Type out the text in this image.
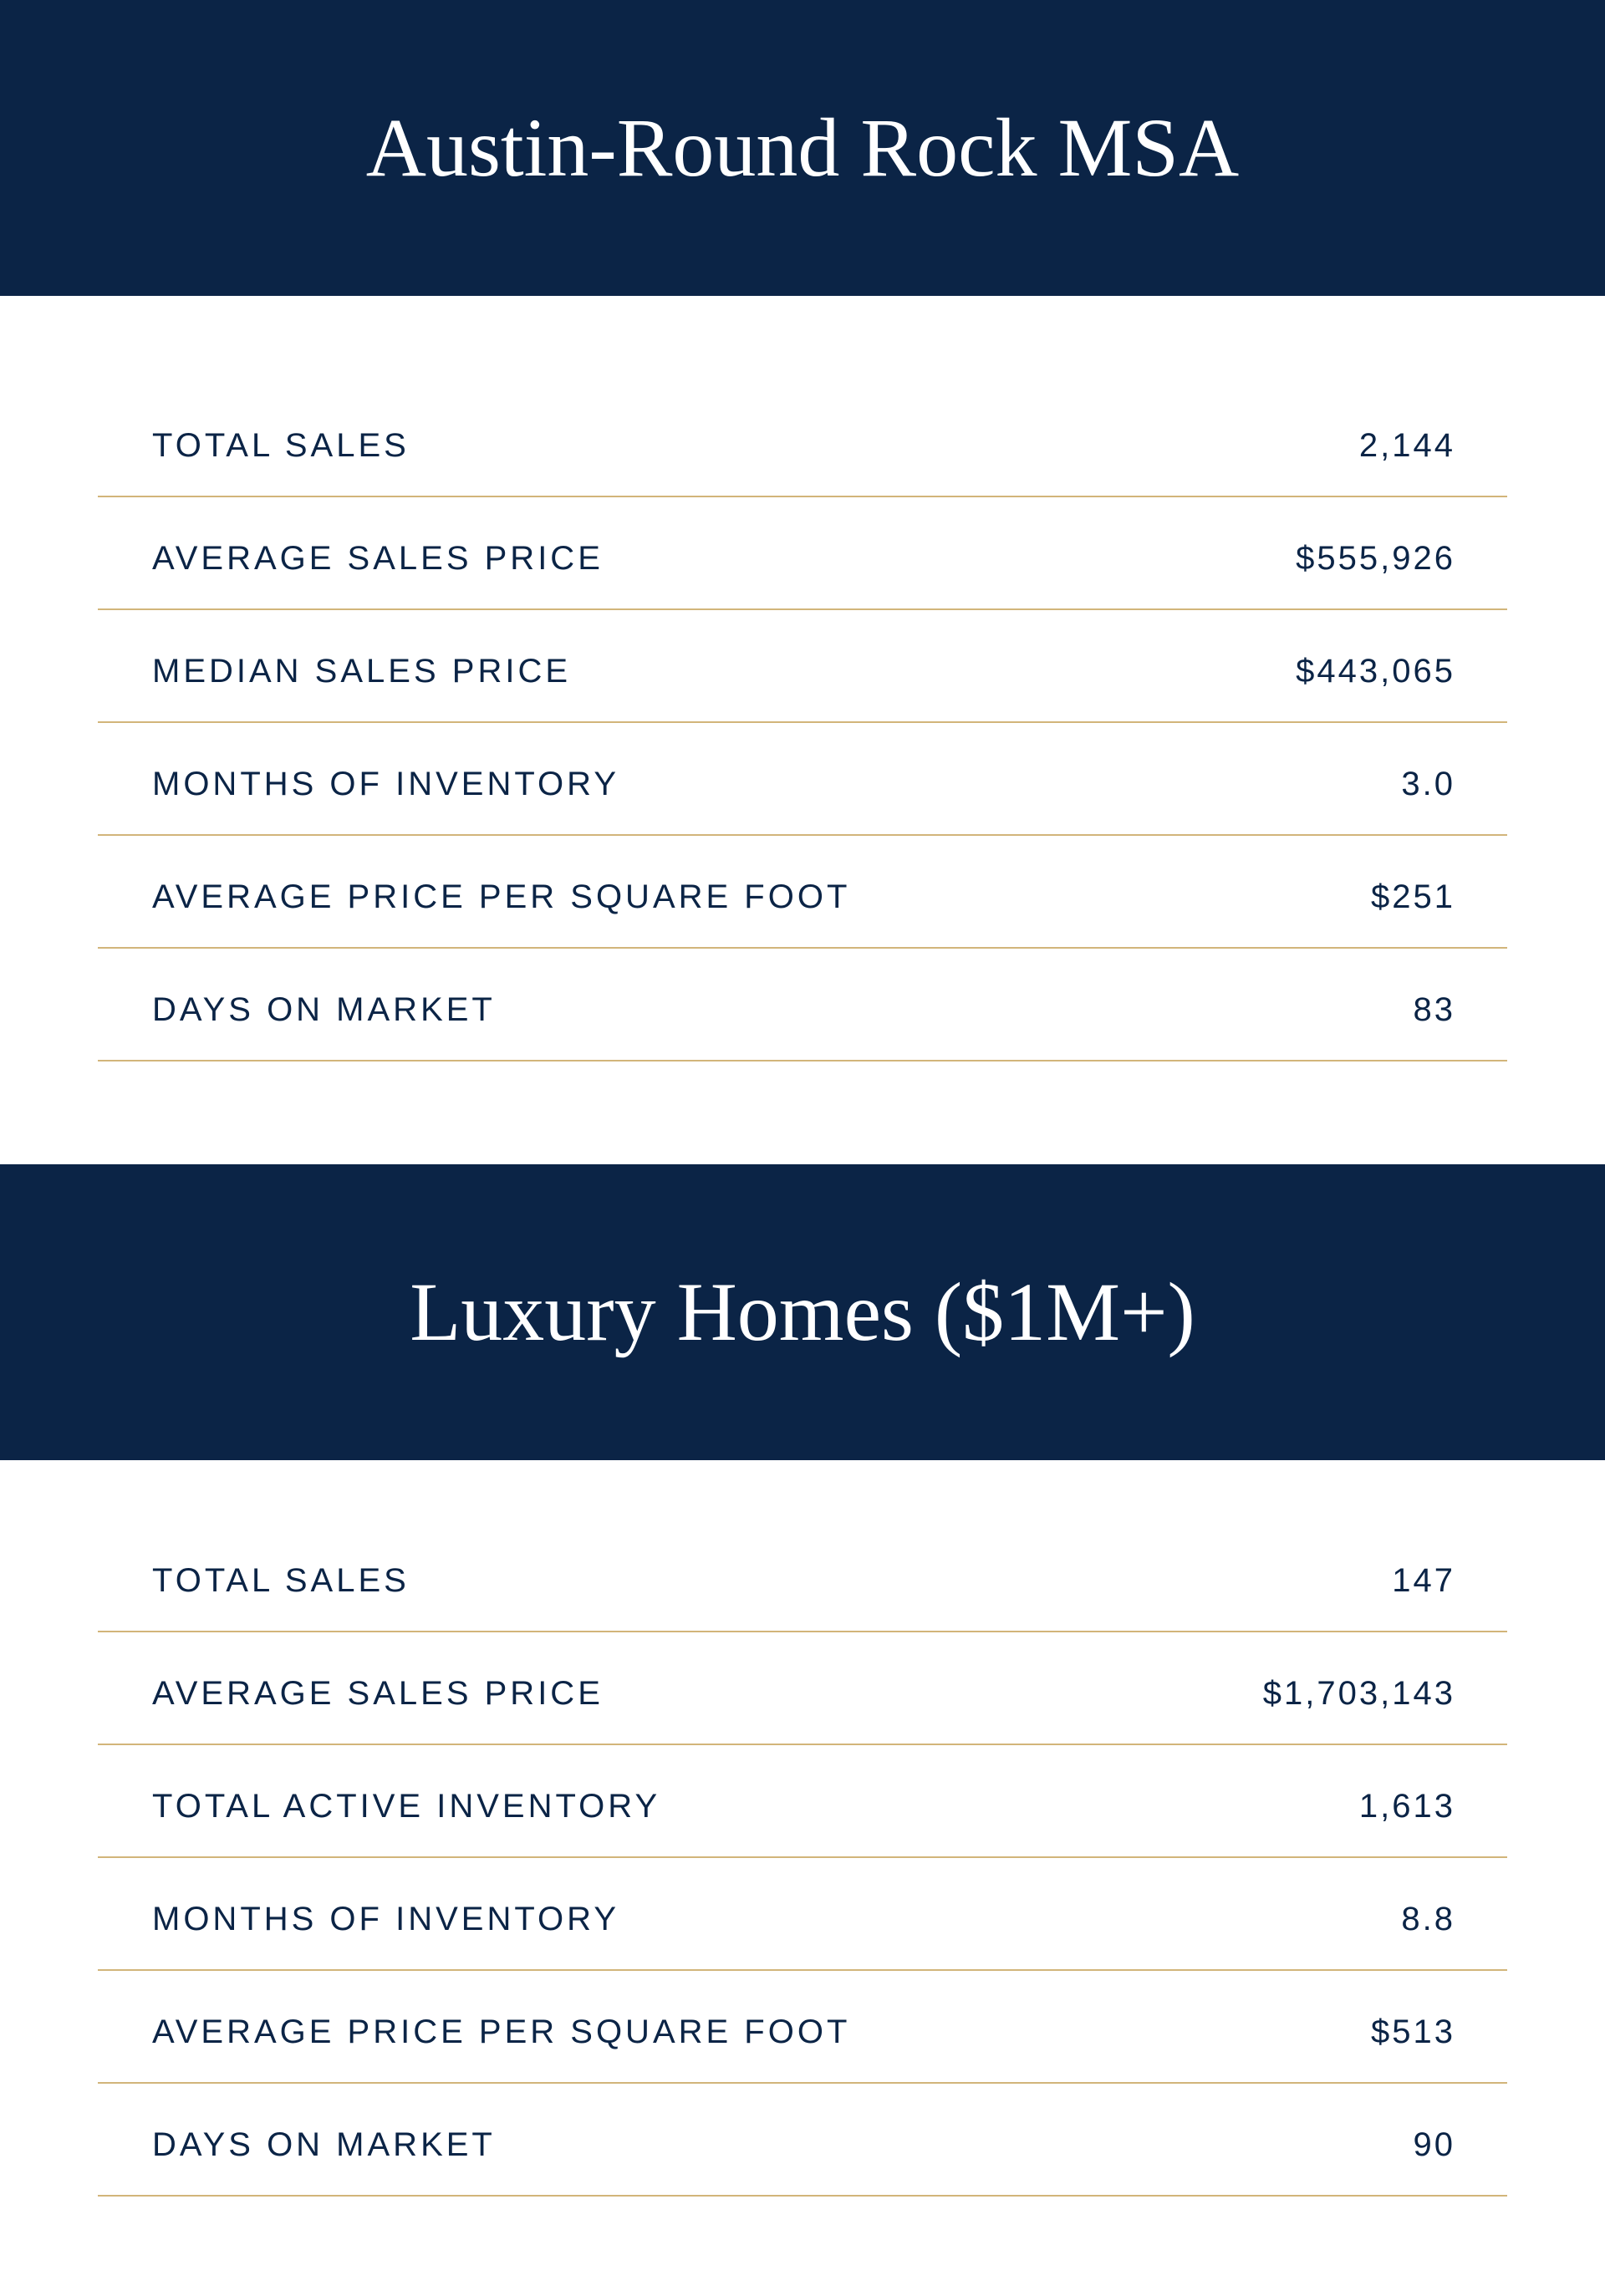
Austin-Round Rock MSA
TOTAL SALES	2,144
AVERAGE SALES PRICE	$555,926
MEDIAN SALES PRICE	$443,065
MONTHS OF INVENTORY	3.0
AVERAGE PRICE PER SQUARE FOOT	$251
DAYS ON MARKET	83
Luxury Homes ($1M+)
TOTAL SALES	147
AVERAGE SALES PRICE	$1,703,143
TOTAL ACTIVE INVENTORY	1,613
MONTHS OF INVENTORY	8.8
AVERAGE PRICE PER SQUARE FOOT	$513
DAYS ON MARKET	90
